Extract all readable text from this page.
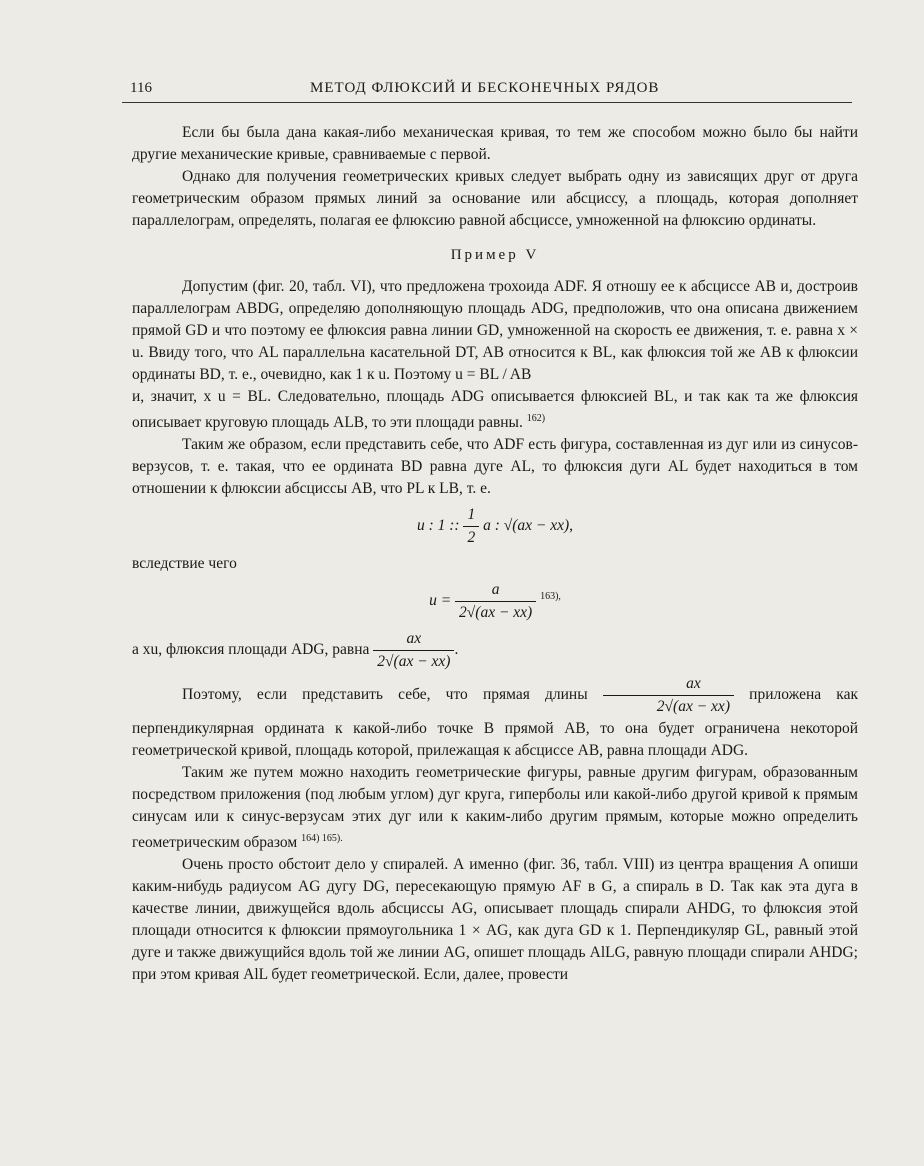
116	МЕТОД ФЛЮКСИЙ И БЕСКОНЕЧНЫХ РЯДОВ

Если бы была дана какая-либо механическая кривая, то тем же способом можно было бы найти другие механические кривые, сравниваемые с первой.

Однако для получения геометрических кривых следует выбрать одну из зависящих друг от друга геометрическим образом прямых линий за основание или абсциссу, а площадь, которая дополняет параллелограм, определять, полагая ее флюксию равной абсциссе, умноженной на флюксию ординаты.

Пример V

Допустим (фиг. 20, табл. VI), что предложена трохоида ADF. Я отношу ее к абсциссе AB и, достроив параллелограм ABDG, определяю дополняющую площадь ADG, предположив, что она описана движением прямой GD и что поэтому ее флюксия равна линии GD, умноженной на скорость ее движения, т. е. равна x × u. Ввиду того, что AL параллельна касательной DT, AB относится к BL, как флюксия той же AB к флюксии ординаты BD, т. е., очевидно, как 1 к u. Поэтому u = BL / AB

и, значит, x u = BL. Следовательно, площадь ADG описывается флюксией BL, и так как та же флюксия описывает круговую площадь ALB, то эти площади равны. $^{162)}$

Таким же образом, если представить себе, что ADF есть фигура, составленная из дуг или из синусов-верзусов, т. е. такая, что ее ордината BD равна дуге AL, то флюксия дуги AL будет находиться в том отношении к флюксии абсциссы AB, что PL к LB, т. е.

u : 1 :: $\frac{1}{2}$ a : √(ax − xx),

вследствие чего

$u = \frac{a}{2√(ax - xx)} ^{163),}$

а xu, флюксия площади ADG, равна $\frac{ax}{2√(ax - xx)}$ .

Поэтому, если представить себе, что прямая длины $\frac{ax}{2√(ax - xx)}$ приложена как перпендикулярная ордината к какой-либо точке B прямой AB, то она будет ограничена некоторой геометрической кривой, площадь которой, прилежащая к абсциссе AB, равна площади ADG.

Таким же путем можно находить геометрические фигуры, равные другим фигурам, образованным посредством приложения (под любым углом) дуг круга, гиперболы или какой-либо другой кривой к прямым синусам или к синус-верзусам этих дуг или к каким-либо другим прямым, которые можно определить геометрическим образом $^{164) 165).}$

Очень просто обстоит дело у спиралей. А именно (фиг. 36, табл. VIII) из центра вращения A опиши каким-нибудь радиусом AG дугу DG, пересекающую прямую AF в G, а спираль в D. Так как эта дуга в качестве линии, движущейся вдоль абсциссы AG, описывает площадь спирали AHDG, то флюксия этой площади относится к флюксии прямоугольника 1 × AG, как дуга GD к 1. Перпендикуляр GL, равный этой дуге и также движущийся вдоль той же линии AG, опишет площадь AlLG, равную площади спирали AHDG; при этом кривая AlL будет геометрической. Если, далее, провести
